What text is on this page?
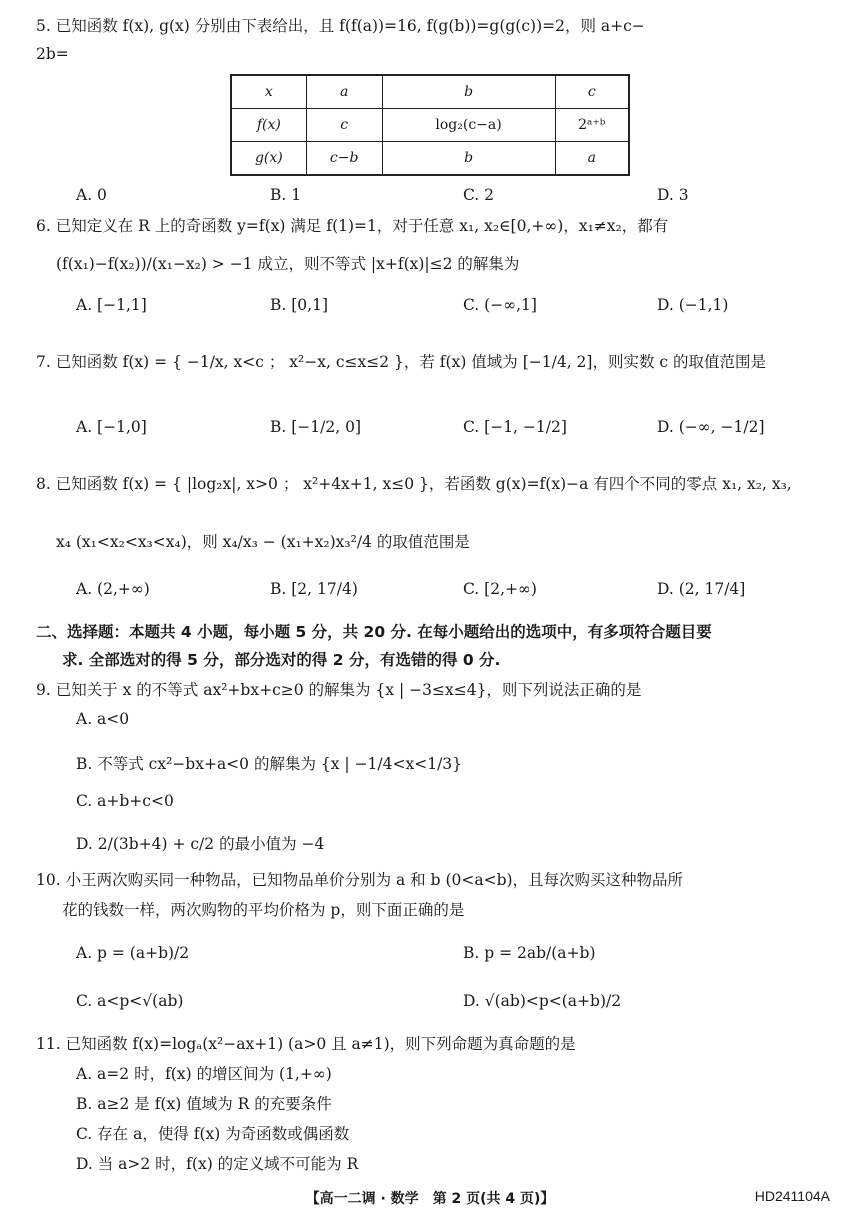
5. 已知函数 f(x), g(x) 分别由下表给出，且 f(f(a))=16, f(g(b))=g(g(c))=2，则 a+c−
2b=
x	a	b	c
f(x)	c	log₂(c−a)	2ᵃ⁺ᵇ
g(x)	c−b	b	a
A. 0	B. 1	C. 2	D. 3
6. 已知定义在 R 上的奇函数 y=f(x) 满足 f(1)=1，对于任意 x₁, x₂∈[0,+∞)，x₁≠x₂，都有
(f(x₁)−f(x₂))/(x₁−x₂) > −1 成立，则不等式 |x+f(x)|≤2 的解集为
A. [−1,1]	B. [0,1]	C. (−∞,1]	D. (−1,1)
7. 已知函数 f(x) = { −1/x, x<c ； x²−x, c≤x≤2 }，若 f(x) 值域为 [−1/4, 2]，则实数 c 的取值范围是
A. [−1,0]	B. [−1/2, 0]	C. [−1, −1/2]	D. (−∞, −1/2]
8. 已知函数 f(x) = { |log₂x|, x>0 ； x²+4x+1, x≤0 }，若函数 g(x)=f(x)−a 有四个不同的零点 x₁, x₂, x₃,
x₄ (x₁<x₂<x₃<x₄)，则 x₄/x₃ − (x₁+x₂)x₃²/4 的取值范围是
A. (2,+∞)	B. [2, 17/4)	C. [2,+∞)	D. (2, 17/4]
二、选择题：本题共 4 小题，每小题 5 分，共 20 分. 在每小题给出的选项中，有多项符合题目要
求. 全部选对的得 5 分，部分选对的得 2 分，有选错的得 0 分.
9. 已知关于 x 的不等式 ax²+bx+c≥0 的解集为 {x | −3≤x≤4}，则下列说法正确的是
A. a<0
B. 不等式 cx²−bx+a<0 的解集为 {x | −1/4<x<1/3}
C. a+b+c<0
D. 2/(3b+4) + c/2 的最小值为 −4
10. 小王两次购买同一种物品，已知物品单价分别为 a 和 b (0<a<b)，且每次购买这种物品所
花的钱数一样，两次购物的平均价格为 p，则下面正确的是
A. p = (a+b)/2	B. p = 2ab/(a+b)
C. a<p<√(ab)	D. √(ab)<p<(a+b)/2
11. 已知函数 f(x)=logₐ(x²−ax+1) (a>0 且 a≠1)，则下列命题为真命题的是
A. a=2 时，f(x) 的增区间为 (1,+∞)
B. a≥2 是 f(x) 值域为 R 的充要条件
C. 存在 a，使得 f(x) 为奇函数或偶函数
D. 当 a>2 时，f(x) 的定义域不可能为 R
【高一二调 · 数学　第 2 页(共 4 页)】	HD241104A
